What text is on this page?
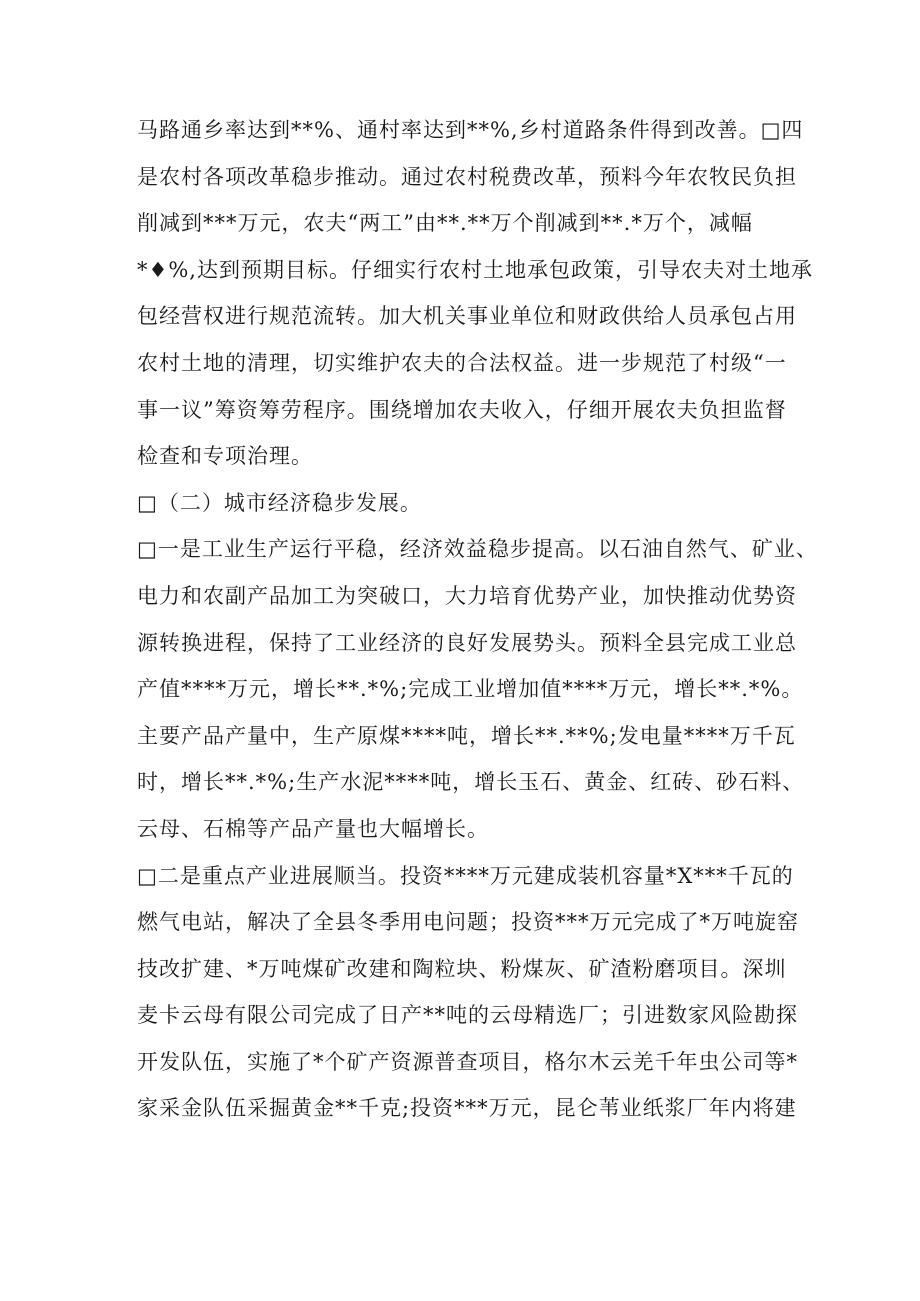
马路通乡率达到**%、通村率达到**%,乡村道路条件得到改善。□四
是农村各项改革稳步推动。通过农村税费改革，预料今年农牧民负担
削减到***万元，农夫“两工”由**.**万个削减到**.*万个，减幅
*♦%,达到预期目标。仔细实行农村土地承包政策，引导农夫对土地承
包经营权进行规范流转。加大机关事业单位和财政供给人员承包占用
农村土地的清理，切实维护农夫的合法权益。进一步规范了村级“一
事一议”筹资筹劳程序。围绕增加农夫收入，仔细开展农夫负担监督
检查和专项治理。
□（二）城市经济稳步发展。
□一是工业生产运行平稳，经济效益稳步提高。以石油自然气、矿业、
电力和农副产品加工为突破口，大力培育优势产业，加快推动优势资
源转换进程，保持了工业经济的良好发展势头。预料全县完成工业总
产值****万元，增长**.*%;完成工业增加值****万元，增长**.*%。
主要产品产量中，生产原煤****吨，增长**.**%;发电量****万千瓦
时，增长**.*%;生产水泥****吨，增长玉石、黄金、红砖、砂石料、
云母、石棉等产品产量也大幅增长。
□二是重点产业进展顺当。投资****万元建成装机容量*X***千瓦的
燃气电站，解决了全县冬季用电问题；投资***万元完成了*万吨旋窑
技改扩建、*万吨煤矿改建和陶粒块、粉煤灰、矿渣粉磨项目。深圳
麦卡云母有限公司完成了日产**吨的云母精选厂；引进数家风险勘探
开发队伍，实施了*个矿产资源普查项目，格尔木云羌千年虫公司等*
家采金队伍采掘黄金**千克;投资***万元，昆仑苇业纸浆厂年内将建
